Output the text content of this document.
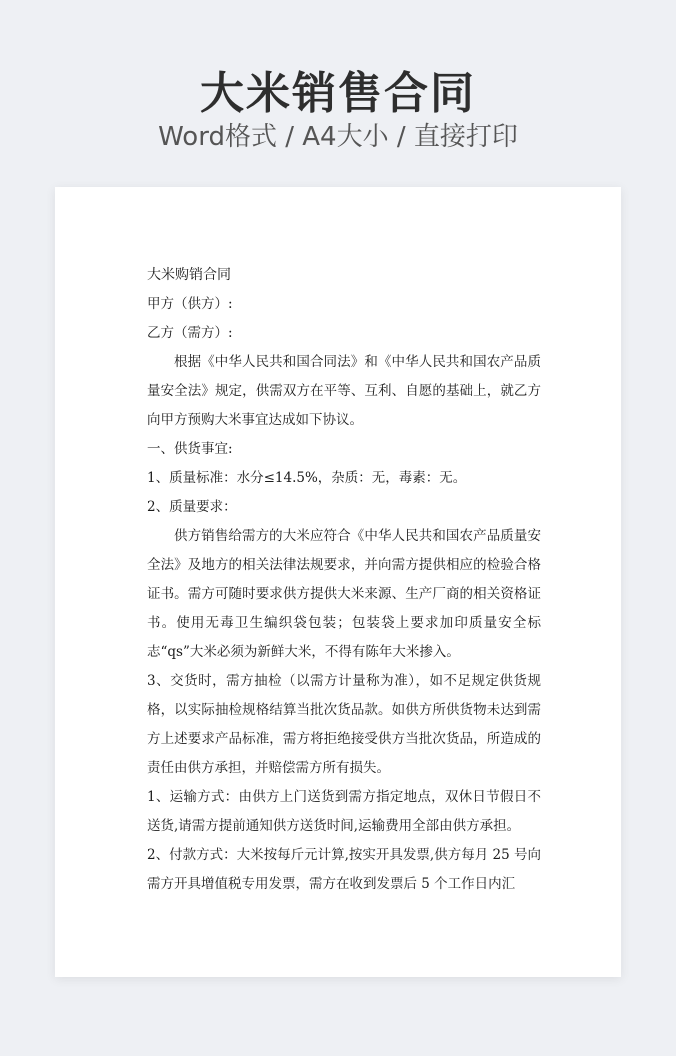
大米销售合同
Word格式 / A4大小 / 直接打印

大米购销合同

甲方（供方）:

乙方（需方）:

根据《中华人民共和国合同法》和《中华人民共和国农产品质量安全法》规定，供需双方在平等、互利、自愿的基础上，就乙方向甲方预购大米事宜达成如下协议。

一、供货事宜:

1、质量标准：水分≤14.5%，杂质：无，毒素：无。

2、质量要求：

供方销售给需方的大米应符合《中华人民共和国农产品质量安全法》及地方的相关法律法规要求，并向需方提供相应的检验合格证书。需方可随时要求供方提供大米来源、生产厂商的相关资格证书。使用无毒卫生编织袋包装；包装袋上要求加印质量安全标志“qs”大米必须为新鲜大米，不得有陈年大米掺入。

3、交货时，需方抽检（以需方计量称为准），如不足规定供货规格，以实际抽检规格结算当批次货品款。如供方所供货物未达到需方上述要求产品标准，需方将拒绝接受供方当批次货品，所造成的责任由供方承担，并赔偿需方所有损失。

1、运输方式：由供方上门送货到需方指定地点，双休日节假日不送货,请需方提前通知供方送货时间,运输费用全部由供方承担。

2、付款方式：大米按每斤元计算,按实开具发票,供方每月 25 号向需方开具增值税专用发票，需方在收到发票后 5 个工作日内汇
